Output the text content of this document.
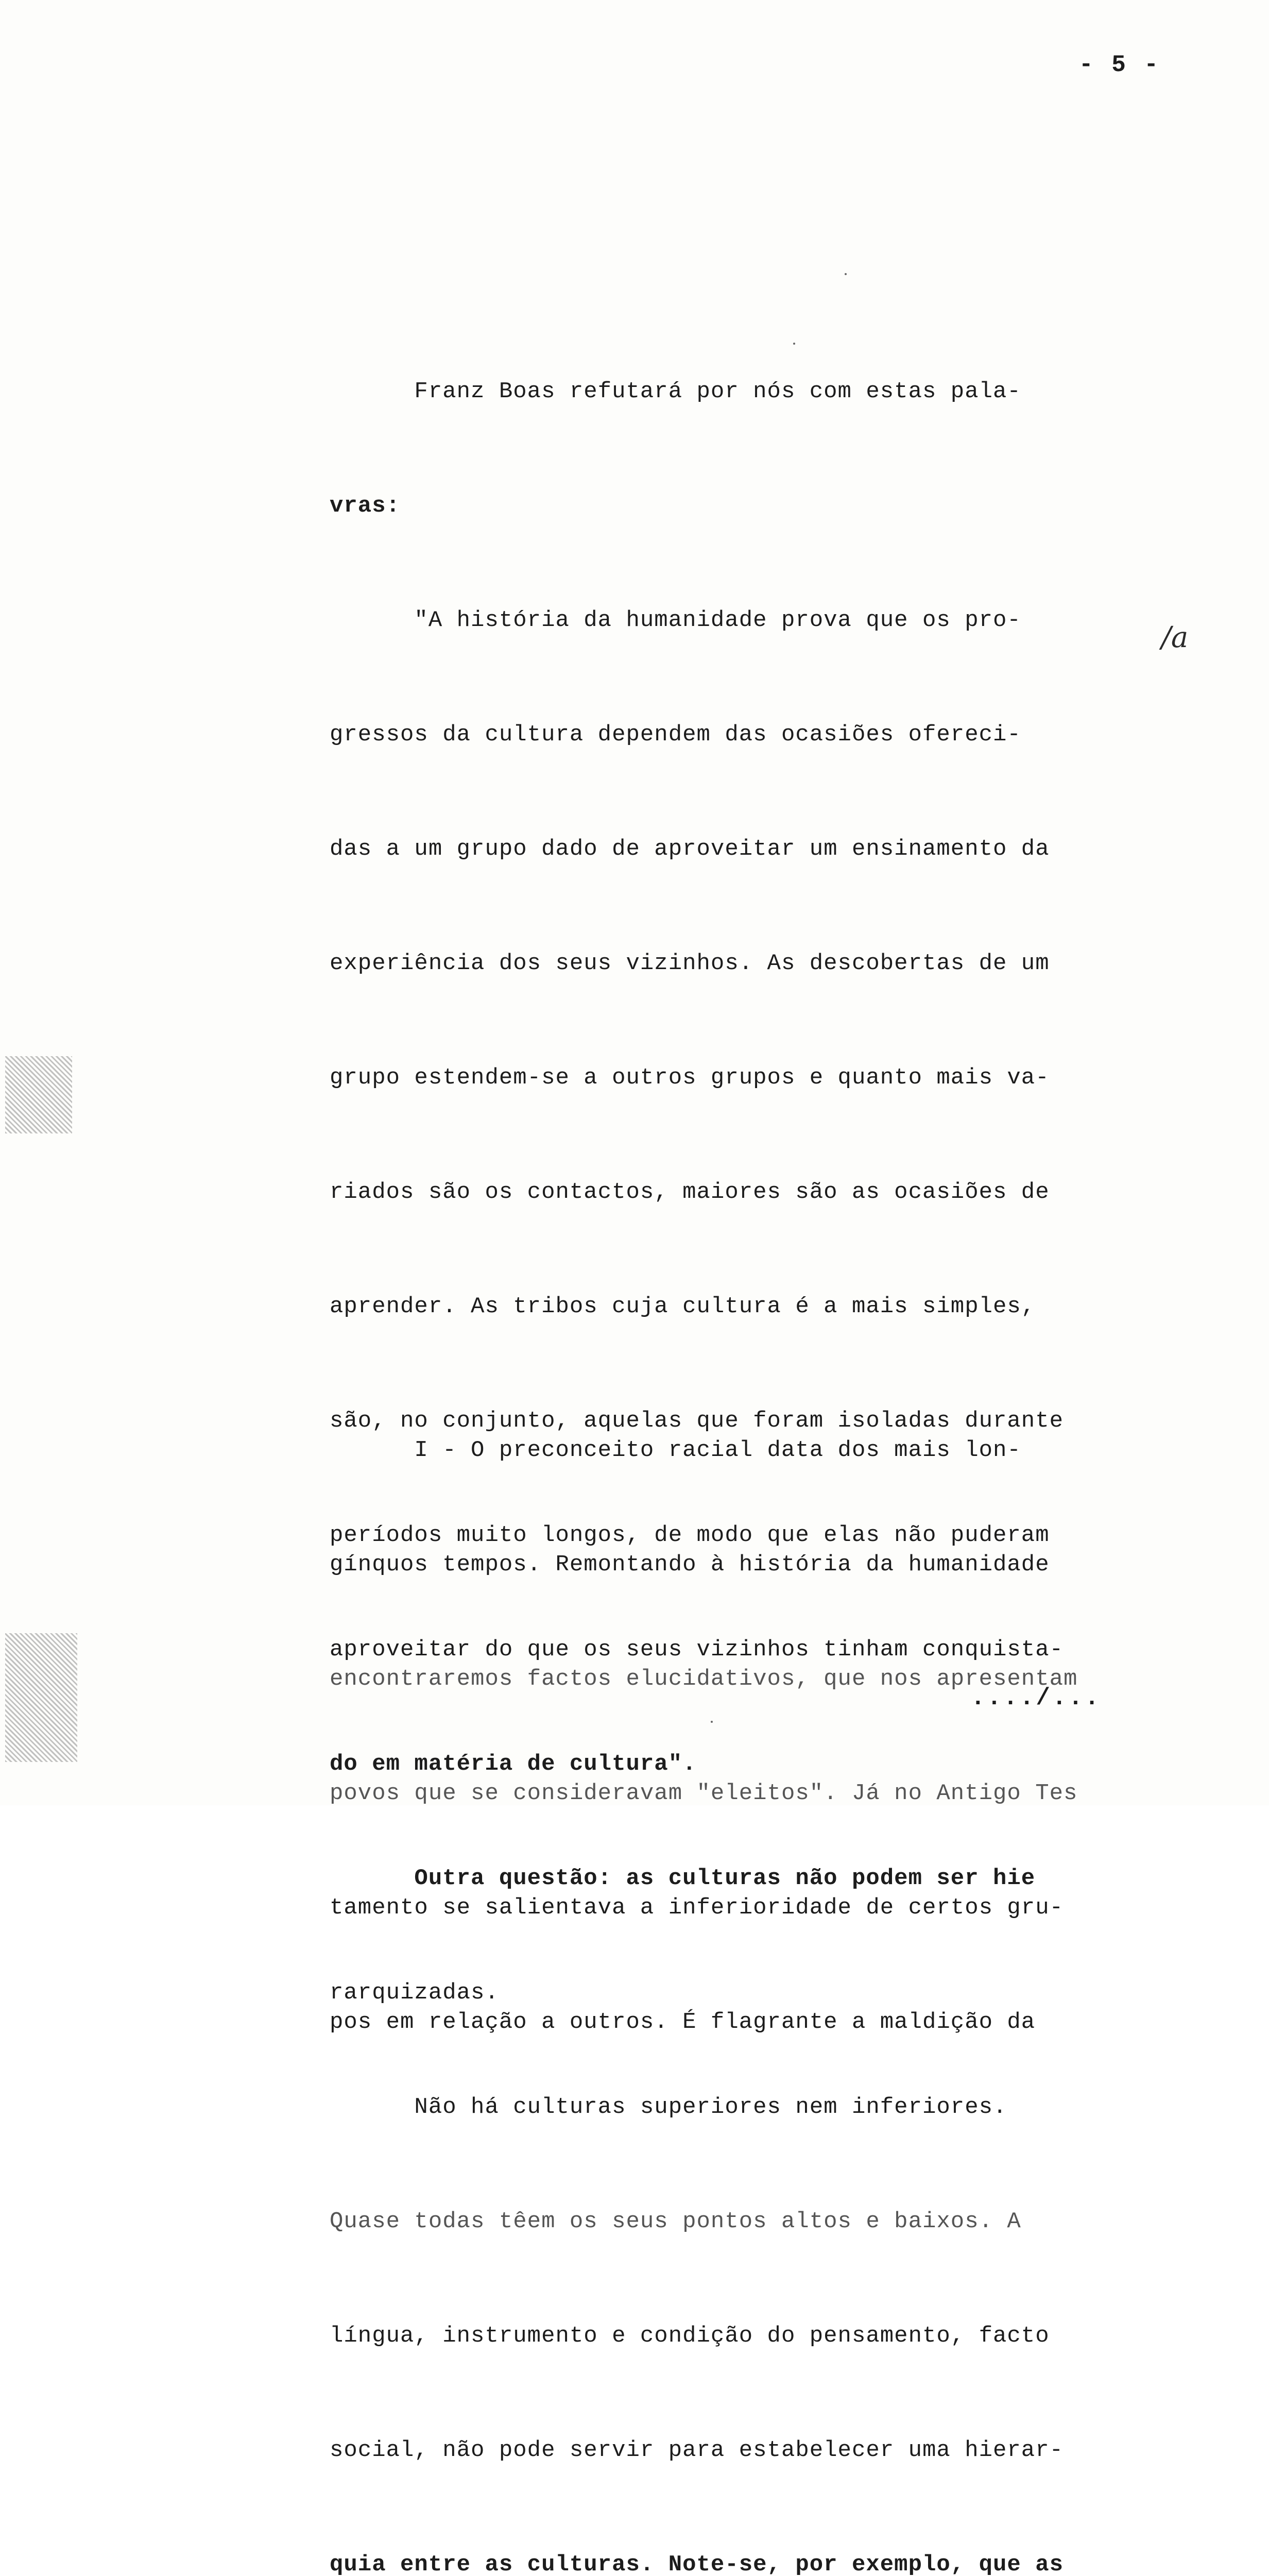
- 5 -

Franz Boas refutará por nós com estas pala-

vras:

"A história da humanidade prova que os pro-

gressos da cultura dependem das ocasiões ofereci-

das a um grupo dado de aproveitar um ensinamento da

experiência dos seus vizinhos. As descobertas de um

grupo estendem-se a outros grupos e quanto mais va-

riados são os contactos, maiores são as ocasiões de

aprender. As tribos cuja cultura é a mais simples,

são, no conjunto, aquelas que foram isoladas durante

períodos muito longos, de modo que elas não puderam

aproveitar do que os seus vizinhos tinham conquista-

do em matéria de cultura".

Outra questão: as culturas não podem ser hie

rarquizadas.

Não há culturas superiores nem inferiores.

Quase todas têem os seus pontos altos e baixos. A

língua, instrumento e condição do pensamento, facto

social, não pode servir para estabelecer uma hierar-

quia entre as culturas. Note-se, por exemplo, que as

/a

I - O preconceito racial data dos mais lon-

gínquos tempos. Remontando à história da humanidade

encontraremos factos elucidativos, que nos apresentam

povos que se consideravam "eleitos". Já no Antigo Tes

tamento se salientava a inferioridade de certos gru-

pos em relação a outros. É flagrante a maldição da

..../...
